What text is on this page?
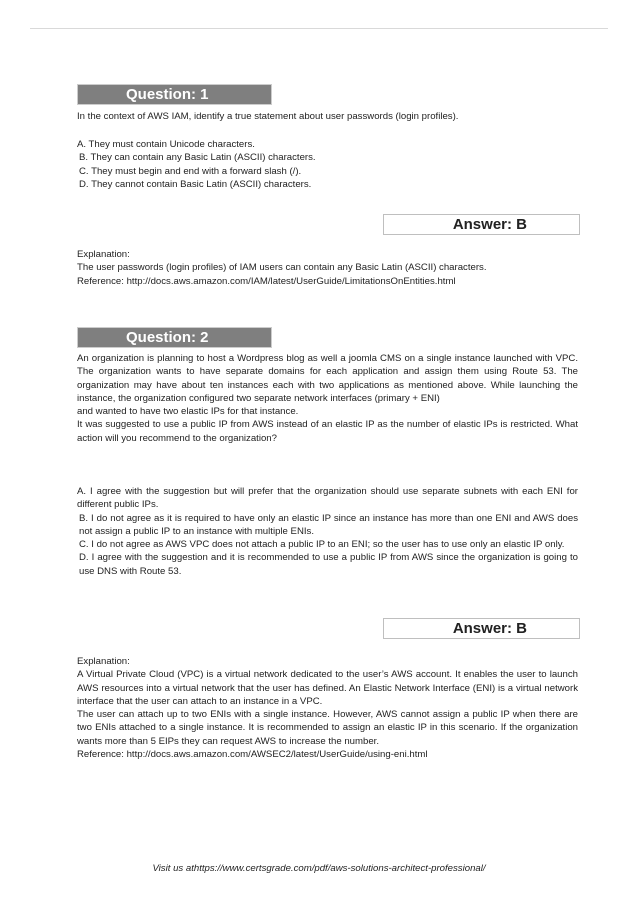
Question: 1

In the context of AWS IAM, identify a true statement about user passwords (login profiles).

A. They must contain Unicode characters.

B. They can contain any Basic Latin (ASCII) characters.

C. They must begin and end with a forward slash (/).

D. They cannot contain Basic Latin (ASCII) characters.

Answer: B

Explanation:

The user passwords (login profiles) of IAM users can contain any Basic Latin (ASCII) characters.

Reference: http://docs.aws.amazon.com/IAM/latest/UserGuide/LimitationsOnEntities.html

Question: 2

An organization is planning to host a Wordpress blog as well a joomla CMS on a single instance launched with VPC. The organization wants to have separate domains for each application and assign them using Route 53. The organization may have about ten instances each with two applications as mentioned above. While launching the instance, the organization configured two separate network interfaces (primary + ENI)

and wanted to have two elastic IPs for that instance.

It was suggested to use a public IP from AWS instead of an elastic IP as the number of elastic IPs is restricted. What action will you recommend to the organization?

A. I agree with the suggestion but will prefer that the organization should use separate subnets with each ENI for different public IPs.

B. I do not agree as it is required to have only an elastic IP since an instance has more than one ENI and AWS does not assign a public IP to an instance with multiple ENIs.

C. I do not agree as AWS VPC does not attach a public IP to an ENI; so the user has to use only an elastic IP only.

D. I agree with the suggestion and it is recommended to use a public IP from AWS since the organization is going to use DNS with Route 53.

Answer: B

Explanation:

A Virtual Private Cloud (VPC) is a virtual network dedicated to the user’s AWS account. It enables the user to launch AWS resources into a virtual network that the user has defined. An Elastic Network Interface (ENI) is a virtual network interface that the user can attach to an instance in a VPC.

The user can attach up to two ENIs with a single instance. However, AWS cannot assign a public IP when there are two ENIs attached to a single instance. It is recommended to assign an elastic IP in this scenario. If the organization wants more than 5 EIPs they can request AWS to increase the number.

Reference: http://docs.aws.amazon.com/AWSEC2/latest/UserGuide/using-eni.html

Visit us athttps://www.certsgrade.com/pdf/aws-solutions-architect-professional/
